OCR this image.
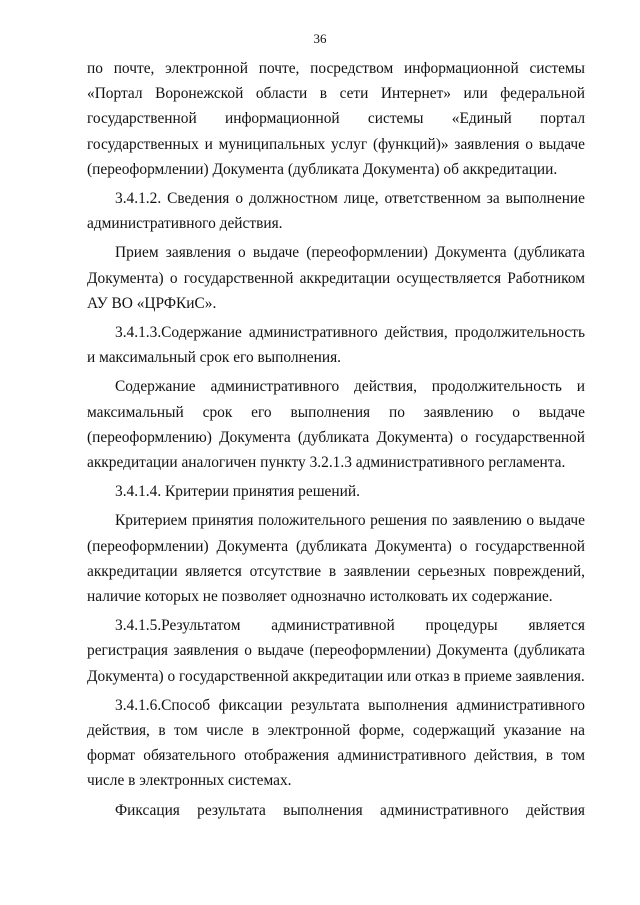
36

по почте, электронной почте, посредством информационной системы «Портал Воронежской области в сети Интернет» или федеральной государственной информационной системы «Единый портал государственных и муниципальных услуг (функций)» заявления о выдаче (переоформлении) Документа (дубликата Документа) об аккредитации.

3.4.1.2. Сведения о должностном лице, ответственном за выполнение административного действия.

Прием заявления о выдаче (переоформлении) Документа (дубликата Документа) о государственной аккредитации осуществляется Работником АУ ВО «ЦРФКиС».

3.4.1.3.Содержание административного действия, продолжительность и максимальный срок его выполнения.

Содержание административного действия, продолжительность и максимальный срок его выполнения по заявлению о выдаче (переоформлению) Документа (дубликата Документа) о государственной аккредитации аналогичен пункту 3.2.1.3 административного регламента.

3.4.1.4. Критерии принятия решений.

Критерием принятия положительного решения по заявлению о выдаче (переоформлении) Документа (дубликата Документа) о государственной аккредитации является отсутствие в заявлении серьезных повреждений, наличие которых не позволяет однозначно истолковать их содержание.

3.4.1.5.Результатом административной процедуры является регистрация заявления о выдаче (переоформлении) Документа (дубликата Документа) о государственной аккредитации или отказ в приеме заявления.

3.4.1.6.Способ фиксации результата выполнения административного действия, в том числе в электронной форме, содержащий указание на формат обязательного отображения административного действия, в том числе в электронных системах.

Фиксация результата выполнения административного действия
